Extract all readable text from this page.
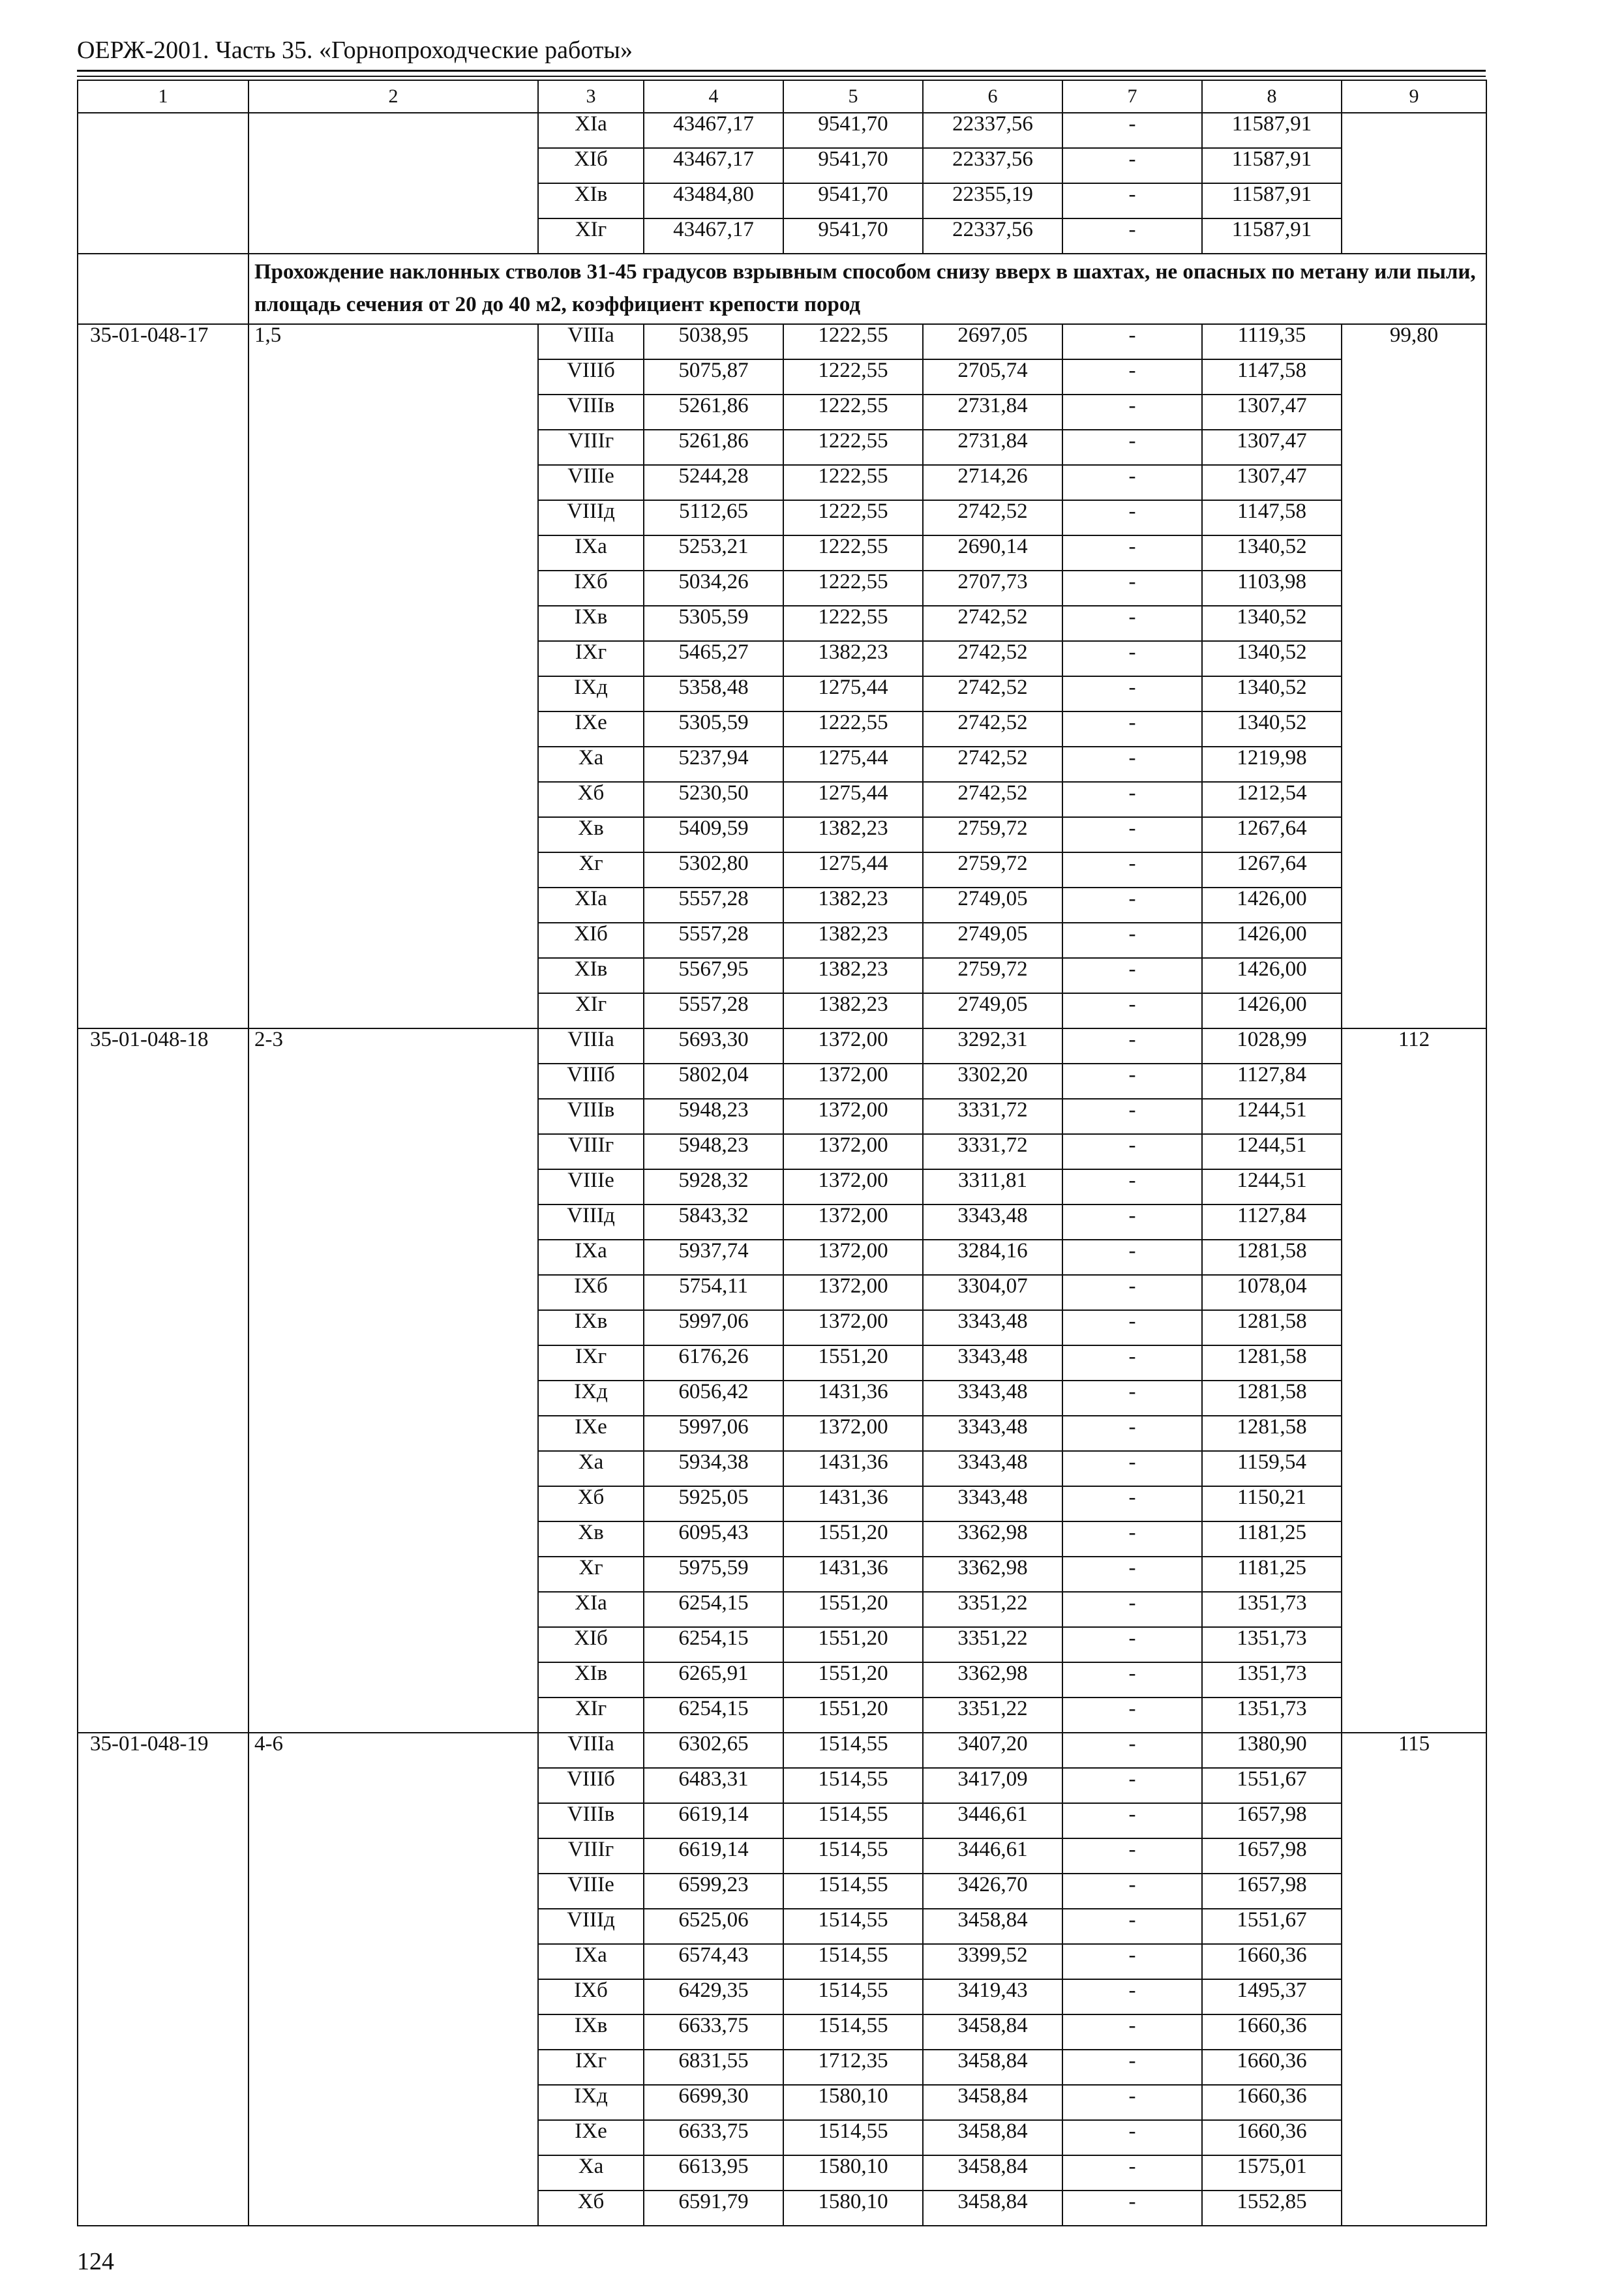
ОЕРЖ-2001. Часть 35. «Горнопроходческие работы»
1	2	3	4	5	6	7	8	9
		XIа	43467,17	9541,70	22337,56	-	11587,91	
		XIб	43467,17	9541,70	22337,56	-	11587,91	
		XIв	43484,80	9541,70	22355,19	-	11587,91	
		XIг	43467,17	9541,70	22337,56	-	11587,91	
	Прохождение наклонных стволов 31-45 градусов взрывным способом снизу вверх в шахтах, не опасных по метану или пыли, площадь сечения от 20 до 40 м2, коэффициент крепости пород							
35-01-048-17	1,5	VIIIа	5038,95	1222,55	2697,05	-	1119,35	99,80
		VIIIб	5075,87	1222,55	2705,74	-	1147,58	
		VIIIв	5261,86	1222,55	2731,84	-	1307,47	
		VIIIг	5261,86	1222,55	2731,84	-	1307,47	
		VIIIе	5244,28	1222,55	2714,26	-	1307,47	
		VIIIд	5112,65	1222,55	2742,52	-	1147,58	
		IXа	5253,21	1222,55	2690,14	-	1340,52	
		IXб	5034,26	1222,55	2707,73	-	1103,98	
		IXв	5305,59	1222,55	2742,52	-	1340,52	
		IXг	5465,27	1382,23	2742,52	-	1340,52	
		IXд	5358,48	1275,44	2742,52	-	1340,52	
		IXе	5305,59	1222,55	2742,52	-	1340,52	
		Xа	5237,94	1275,44	2742,52	-	1219,98	
		Xб	5230,50	1275,44	2742,52	-	1212,54	
		Xв	5409,59	1382,23	2759,72	-	1267,64	
		Xг	5302,80	1275,44	2759,72	-	1267,64	
		XIа	5557,28	1382,23	2749,05	-	1426,00	
		XIб	5557,28	1382,23	2749,05	-	1426,00	
		XIв	5567,95	1382,23	2759,72	-	1426,00	
		XIг	5557,28	1382,23	2749,05	-	1426,00	
35-01-048-18	2-3	VIIIа	5693,30	1372,00	3292,31	-	1028,99	112
		VIIIб	5802,04	1372,00	3302,20	-	1127,84	
		VIIIв	5948,23	1372,00	3331,72	-	1244,51	
		VIIIг	5948,23	1372,00	3331,72	-	1244,51	
		VIIIе	5928,32	1372,00	3311,81	-	1244,51	
		VIIIд	5843,32	1372,00	3343,48	-	1127,84	
		IXа	5937,74	1372,00	3284,16	-	1281,58	
		IXб	5754,11	1372,00	3304,07	-	1078,04	
		IXв	5997,06	1372,00	3343,48	-	1281,58	
		IXг	6176,26	1551,20	3343,48	-	1281,58	
		IXд	6056,42	1431,36	3343,48	-	1281,58	
		IXе	5997,06	1372,00	3343,48	-	1281,58	
		Xа	5934,38	1431,36	3343,48	-	1159,54	
		Xб	5925,05	1431,36	3343,48	-	1150,21	
		Xв	6095,43	1551,20	3362,98	-	1181,25	
		Xг	5975,59	1431,36	3362,98	-	1181,25	
		XIа	6254,15	1551,20	3351,22	-	1351,73	
		XIб	6254,15	1551,20	3351,22	-	1351,73	
		XIв	6265,91	1551,20	3362,98	-	1351,73	
		XIг	6254,15	1551,20	3351,22	-	1351,73	
35-01-048-19	4-6	VIIIа	6302,65	1514,55	3407,20	-	1380,90	115
		VIIIб	6483,31	1514,55	3417,09	-	1551,67	
		VIIIв	6619,14	1514,55	3446,61	-	1657,98	
		VIIIг	6619,14	1514,55	3446,61	-	1657,98	
		VIIIе	6599,23	1514,55	3426,70	-	1657,98	
		VIIIд	6525,06	1514,55	3458,84	-	1551,67	
		IXа	6574,43	1514,55	3399,52	-	1660,36	
		IXб	6429,35	1514,55	3419,43	-	1495,37	
		IXв	6633,75	1514,55	3458,84	-	1660,36	
		IXг	6831,55	1712,35	3458,84	-	1660,36	
		IXд	6699,30	1580,10	3458,84	-	1660,36	
		IXе	6633,75	1514,55	3458,84	-	1660,36	
		Xа	6613,95	1580,10	3458,84	-	1575,01	
		Xб	6591,79	1580,10	3458,84	-	1552,85	
124
